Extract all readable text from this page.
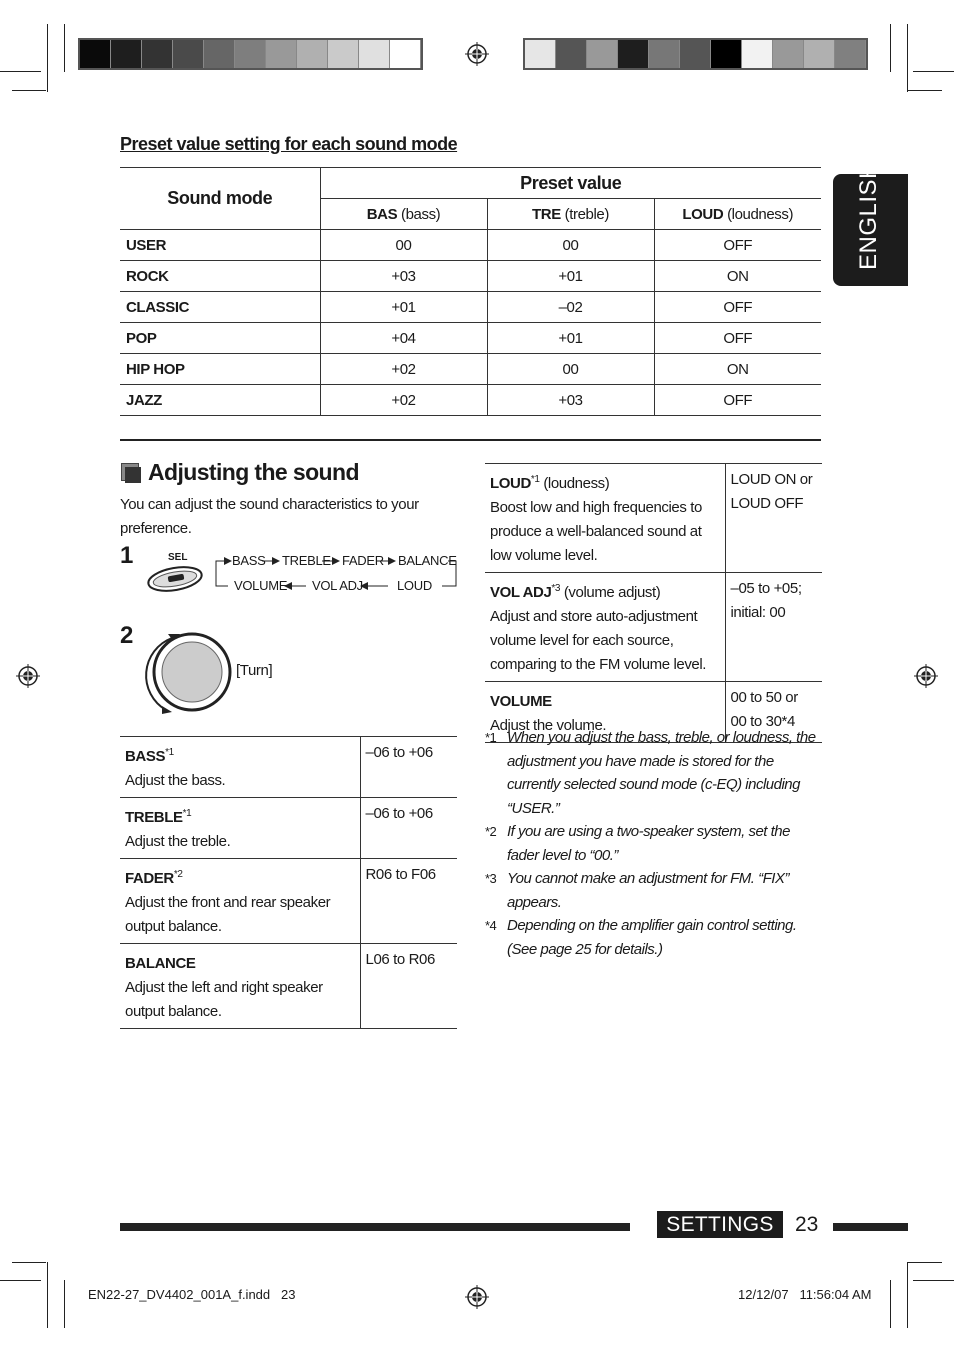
Preset value setting for each sound mode
Sound mode	Preset value		
	BAS (bass)	TRE (treble)	LOUD (loudness)
USER	00	00	OFF
ROCK	+03	+01	ON
CLASSIC	+01	–02	OFF
POP	+04	+01	OFF
HIP HOP	+02	00	ON
JAZZ	+02	+03	OFF
ENGLISH
Adjusting the sound
You can adjust the sound characteristics to your preference.
1
2
SEL	BASS TREBLE FADER BALANCE
VOLUME VOL ADJ	LOUD
[Turn]
BASS$^{*1}$
Adjust the bass.	–06 to +06
TREBLE$^{*1}$
Adjust the treble.	–06 to +06
FADER$^{*2}$
Adjust the front and rear speaker output balance.	R06 to F06
BALANCE
Adjust the left and right speaker output balance.	L06 to R06
LOUD$^{*1}$ (loudness)
Boost low and high frequencies to produce a well-balanced sound at low volume level.	LOUD ON or
LOUD OFF
VOL ADJ$^{*3}$ (volume adjust)
Adjust and store auto-adjustment volume level for each source, comparing to the FM volume level.	–05 to +05;
initial: 00
VOLUME
Adjust the volume.	00 to 50 or
00 to 30*4
*1 When you adjust the bass, treble, or loudness, the adjustment you have made is stored for the currently selected sound mode (c-EQ) including “USER.”
*2 If you are using a two-speaker system, set the fader level to “00.”
*3 You cannot make an adjustment for FM. “FIX” appears.
*4 Depending on the amplifier gain control setting. (See page 25 for details.)
SETTINGS	23
EN22-27_DV4402_001A_f.indd   23	12/12/07   11:56:04 AM
